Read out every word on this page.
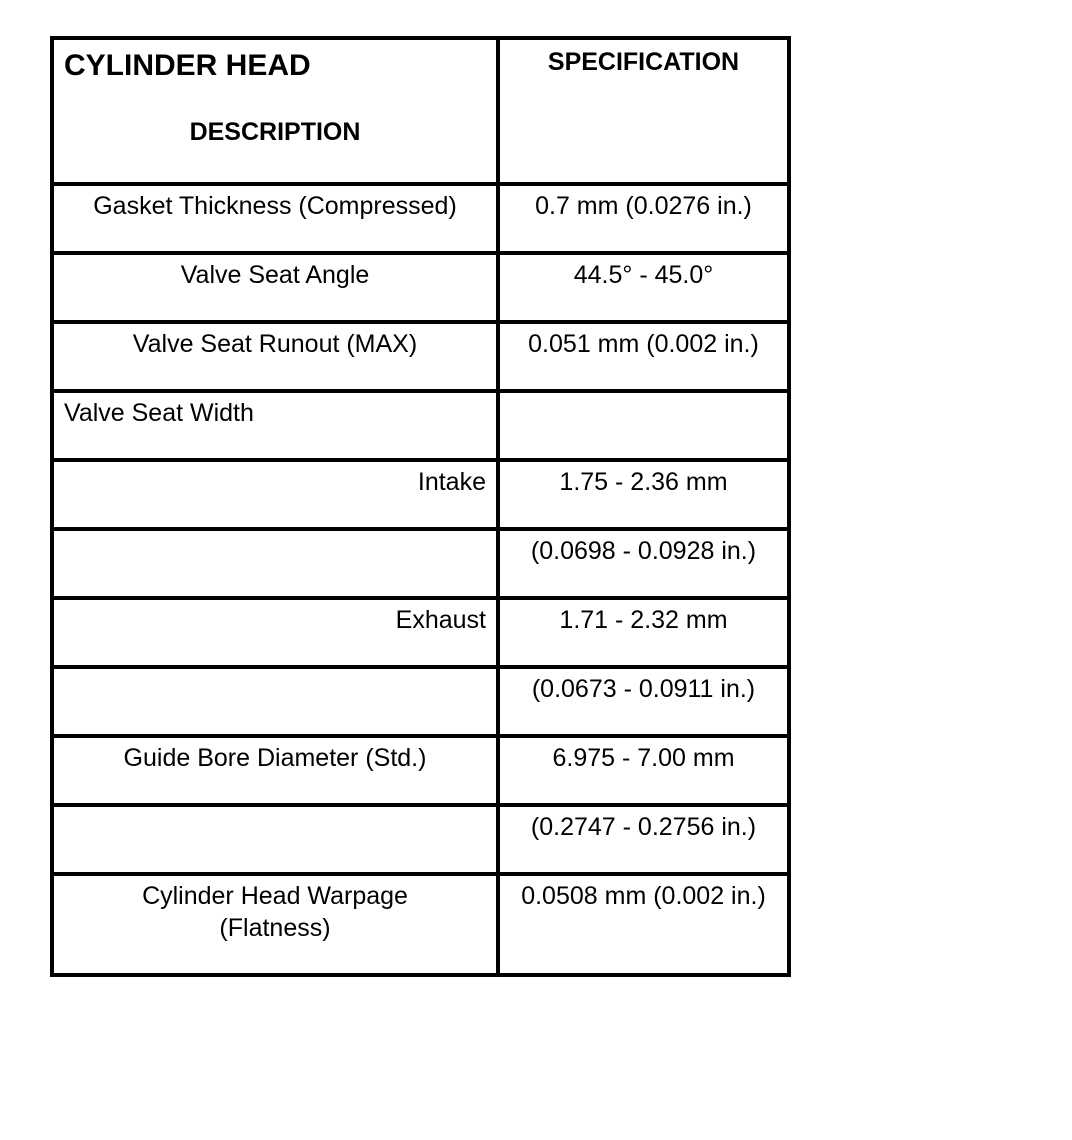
CYLINDER HEAD
DESCRIPTION	SPECIFICATION

Gasket Thickness (Compressed)	0.7 mm (0.0276 in.)

Valve Seat Angle	44.5° - 45.0°

Valve Seat Runout (MAX)	0.051 mm (0.002 in.)

Valve Seat Width	

Intake	1.75 - 2.36 mm

	(0.0698 - 0.0928 in.)

Exhaust	1.71 - 2.32 mm

	(0.0673 - 0.0911 in.)

Guide Bore Diameter (Std.)	6.975 - 7.00 mm

	(0.2747 - 0.2756 in.)

Cylinder Head Warpage (Flatness)	0.0508 mm (0.002 in.)
